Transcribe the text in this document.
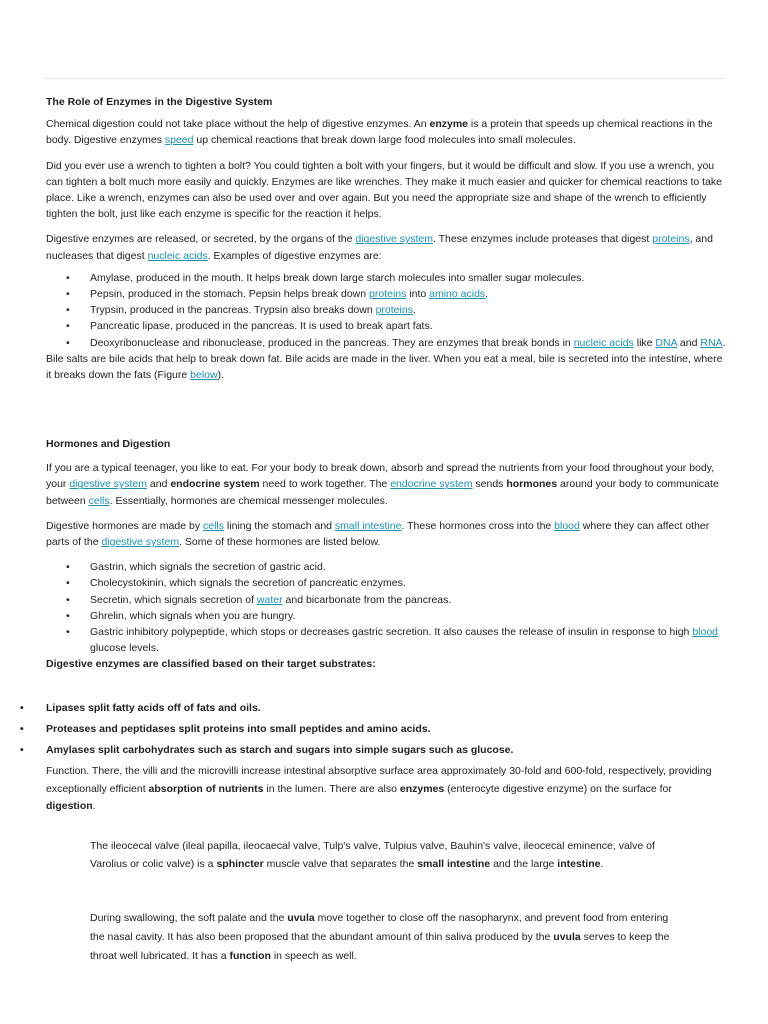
The Role of Enzymes in the Digestive System

Chemical digestion could not take place without the help of digestive enzymes. An enzyme is a protein that speeds up chemical reactions in the body. Digestive enzymes speed up chemical reactions that break down large food molecules into small molecules.

Did you ever use a wrench to tighten a bolt? You could tighten a bolt with your fingers, but it would be difficult and slow. If you use a wrench, you can tighten a bolt much more easily and quickly. Enzymes are like wrenches. They make it much easier and quicker for chemical reactions to take place. Like a wrench, enzymes can also be used over and over again. But you need the appropriate size and shape of the wrench to efficiently tighten the bolt, just like each enzyme is specific for the reaction it helps.

Digestive enzymes are released, or secreted, by the organs of the digestive system. These enzymes include proteases that digest proteins, and nucleases that digest nucleic acids. Examples of digestive enzymes are:

• Amylase, produced in the mouth. It helps break down large starch molecules into smaller sugar molecules.
• Pepsin, produced in the stomach. Pepsin helps break down proteins into amino acids.
• Trypsin, produced in the pancreas. Trypsin also breaks down proteins.
• Pancreatic lipase, produced in the pancreas. It is used to break apart fats.
• Deoxyribonuclease and ribonuclease, produced in the pancreas. They are enzymes that break bonds in nucleic acids like DNA and RNA.

Bile salts are bile acids that help to break down fat. Bile acids are made in the liver. When you eat a meal, bile is secreted into the intestine, where it breaks down the fats (Figure below).

Hormones and Digestion

If you are a typical teenager, you like to eat. For your body to break down, absorb and spread the nutrients from your food throughout your body, your digestive system and endocrine system need to work together. The endocrine system sends hormones around your body to communicate between cells. Essentially, hormones are chemical messenger molecules.

Digestive hormones are made by cells lining the stomach and small intestine. These hormones cross into the blood where they can affect other parts of the digestive system. Some of these hormones are listed below.

• Gastrin, which signals the secretion of gastric acid.
• Cholecystokinin, which signals the secretion of pancreatic enzymes.
• Secretin, which signals secretion of water and bicarbonate from the pancreas.
• Ghrelin, which signals when you are hungry.
• Gastric inhibitory polypeptide, which stops or decreases gastric secretion. It also causes the release of insulin in response to high blood glucose levels.
Digestive enzymes are classified based on their target substrates:
• Lipases split fatty acids off of fats and oils.
• Proteases and peptidases split proteins into small peptides and amino acids.
• Amylases split carbohydrates such as starch and sugars into simple sugars such as glucose.

Function. There, the villi and the microvilli increase intestinal absorptive surface area approximately 30-fold and 600-fold, respectively, providing exceptionally efficient absorption of nutrients in the lumen. There are also enzymes (enterocyte digestive enzyme) on the surface for digestion.

The ileocecal valve (ileal papilla, ileocaecal valve, Tulp's valve, Tulpius valve, Bauhin's valve, ileocecal eminence, valve of Varolius or colic valve) is a sphincter muscle valve that separates the small intestine and the large intestine.

During swallowing, the soft palate and the uvula move together to close off the nasopharynx, and prevent food from entering the nasal cavity. It has also been proposed that the abundant amount of thin saliva produced by the uvula serves to keep the throat well lubricated. It has a function in speech as well.
